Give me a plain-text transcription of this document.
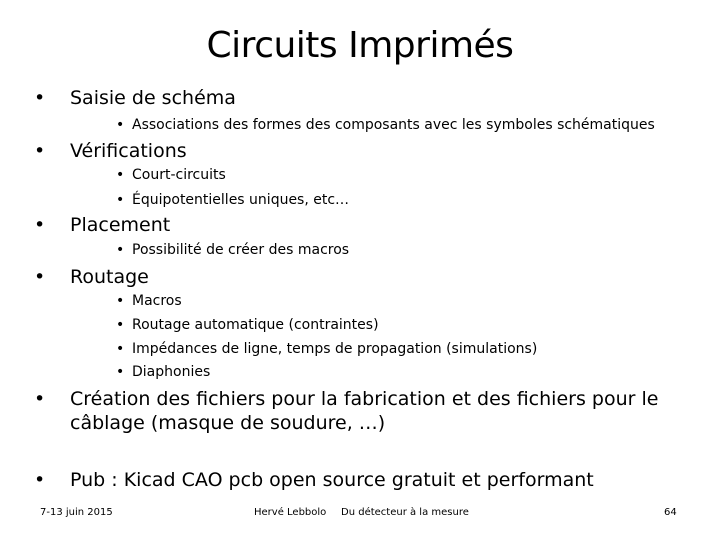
Circuits Imprimés
• Saisie de schéma
• Associations des formes des composants avec les symboles schématiques
• Vérifications
• Court-circuits
• Équipotentielles uniques, etc…
• Placement
• Possibilité de créer des macros
• Routage
• Macros
• Routage automatique (contraintes)
• Impédances de ligne, temps de propagation (simulations)
• Diaphonies
• Création des fichiers pour la fabrication et des fichiers pour le câblage (masque de soudure, …)
• Pub : Kicad CAO pcb open source gratuit et performant
7-13 juin 2015	Hervé Lebbolo Du détecteur à la mesure	64
